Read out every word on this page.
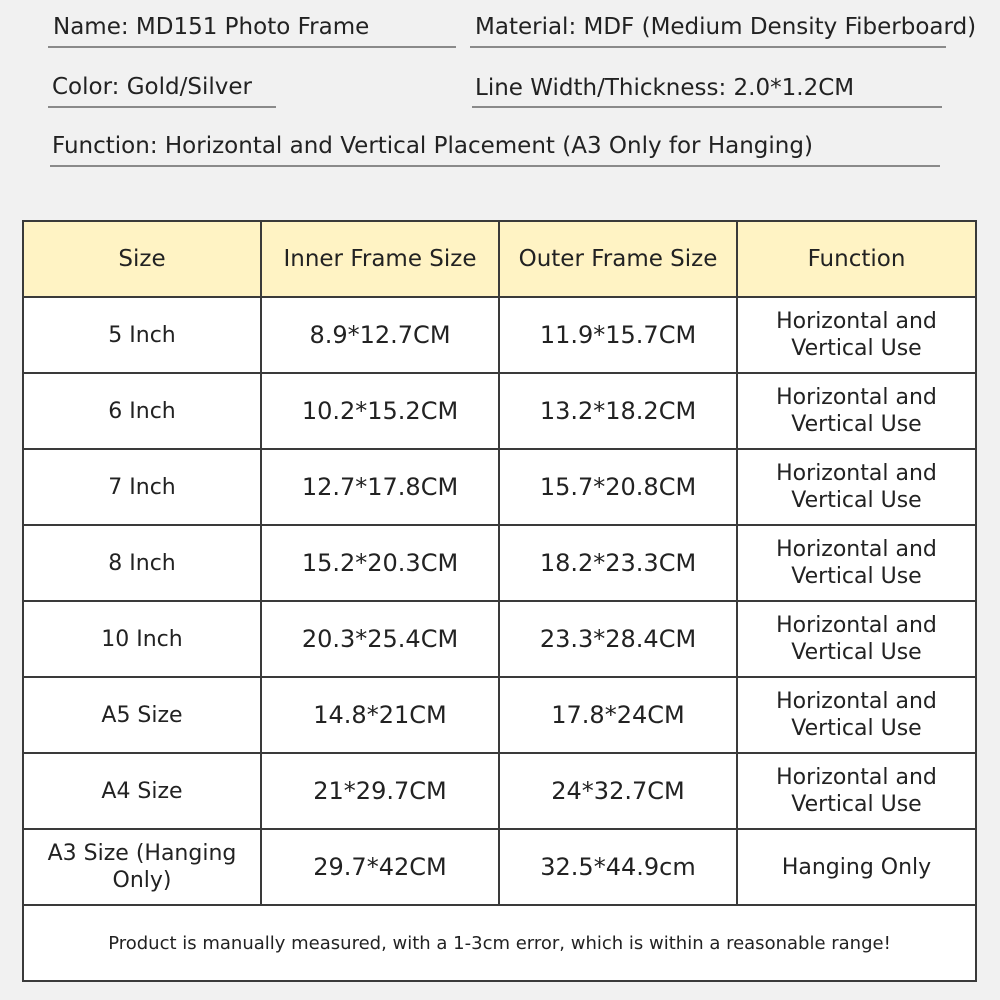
Name: MD151 Photo Frame	Material: MDF (Medium Density Fiberboard)
Color: Gold/Silver	Line Width/Thickness: 2.0*1.2CM
Function: Horizontal and Vertical Placement (A3 Only for Hanging)
Size	Inner Frame Size	Outer Frame Size	Function
5 Inch	8.9*12.7CM	11.9*15.7CM	Horizontal and Vertical Use
6 Inch	10.2*15.2CM	13.2*18.2CM	Horizontal and Vertical Use
7 Inch	12.7*17.8CM	15.7*20.8CM	Horizontal and Vertical Use
8 Inch	15.2*20.3CM	18.2*23.3CM	Horizontal and Vertical Use
10 Inch	20.3*25.4CM	23.3*28.4CM	Horizontal and Vertical Use
A5 Size	14.8*21CM	17.8*24CM	Horizontal and Vertical Use
A4 Size	21*29.7CM	24*32.7CM	Horizontal and Vertical Use
A3 Size (Hanging Only)	29.7*42CM	32.5*44.9cm	Hanging Only
Product is manually measured, with a 1-3cm error, which is within a reasonable range!			
